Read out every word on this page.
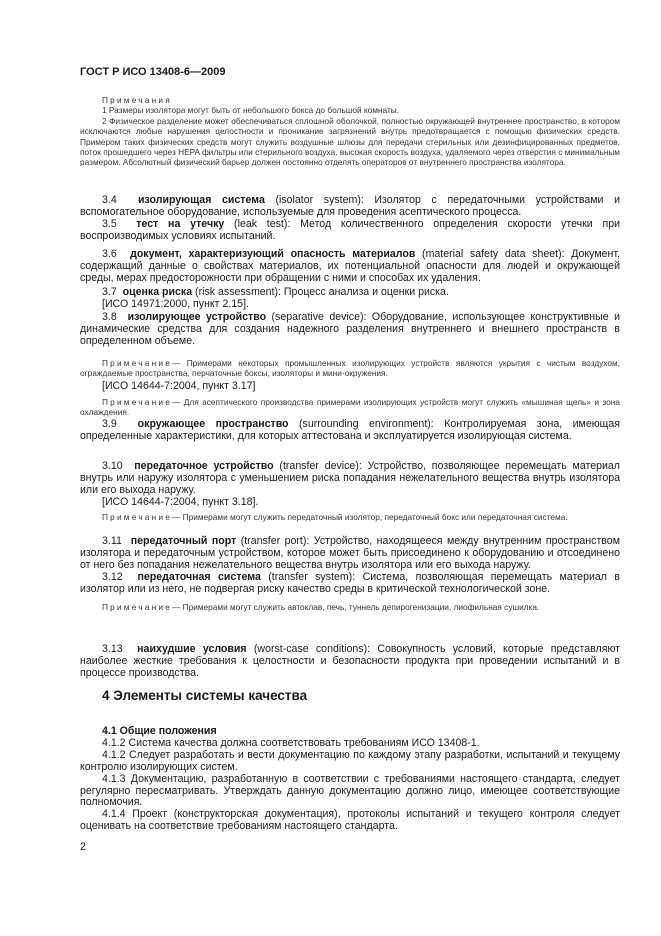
ГОСТ Р ИСО 13408-6—2009

Примечания

1 Размеры изолятора могут быть от небольшого бокса до большой комнаты.

2 Физическое разделение может обеспечиваться сплошной оболочкой, полностью окружающей внутреннее пространство, в котором исключаются любые нарушения целостности и проникание загрязнений внутрь предотвращается с помощью физических средств. Примером таких физических средств могут служить воздушные шлюзы для передачи стерильных или дезинфицированных предметов, поток прошедшего через HEPA фильтры или стерильного воздуха, высокая скорость воздуха, удаляемого через отверстия с минимальным размером. Абсолютный физический барьер должен постоянно отделять операторов от внутреннего пространства изолятора.

3.4 изолирующая система (isolator system): Изолятор с передаточными устройствами и вспомогательное оборудование, используемые для проведения асептического процесса.

3.5 тест на утечку (leak test): Метод количественного определения скорости утечки при воспроизводимых условиях испытаний.

3.6 документ, характеризующий опасность материалов (material safety data sheet): Документ, содержащий данные о свойствах материалов, их потенциальной опасности для людей и окружающей среды, мерах предосторожности при обращении с ними и способах их удаления.

3.7 оценка риска (risk assessment): Процесс анализа и оценки риска.

[ИСО 14971:2000, пункт 2.15].

3.8 изолирующее устройство (separative device): Оборудование, использующее конструктивные и динамические средства для создания надежного разделения внутреннего и внешнего пространств в определенном объеме.

Примечание— Примерами некоторых промышленных изолирующих устройств являются укрытия с чистым воздухом, ограждаемые пространства, перчаточные боксы, изоляторы и мини-окружения.

[ИСО 14644-7:2004, пункт 3.17]

Примечание— Для асептического производства примерами изолирующих устройств могут служить «мышиная щель» и зона охлаждения.

3.9 окружающее пространство (surrounding environment): Контролируемая зона, имеющая определенные характеристики, для которых аттестована и эксплуатируется изолирующая система.

3.10 передаточное устройство (transfer device): Устройство, позволяющее перемещать материал внутрь или наружу изолятора с уменьшением риска попадания нежелательного вещества внутрь изолятора или его выхода наружу.

[ИСО 14644-7:2004, пункт 3.18].

Примечание— Примерами могут служить передаточный изолятор, передаточный бокс или передаточная система.

3.11 передаточный порт (transfer port): Устройство, находящееся между внутренним пространством изолятора и передаточным устройством, которое может быть присоединено к оборудованию и отсоединено от него без попадания нежелательного вещества внутрь изолятора или его выхода наружу.

3.12 передаточная система (transfer system): Система, позволяющая перемещать материал в изолятор или из него, не подвергая риску качество среды в критической технологической зоне.

Примечание— Примерами могут служить автоклав, печь, туннель депирогенизации, лиофильная сушилка.

3.13 наихудшие условия (worst-case conditions): Совокупность условий, которые представляют наиболее жесткие требования к целостности и безопасности продукта при проведении испытаний и в процессе производства.

4 Элементы системы качества

4.1 Общие положения

4.1.2 Система качества должна соответствовать требованиям ИСО 13408-1.

4.1.2 Следует разработать и вести документацию по каждому этапу разработки, испытаний и текущему контролю изолирующих систем.

4.1.3 Документацию, разработанную в соответствии с требованиями настоящего стандарта, следует регулярно пересматривать. Утверждать данную документацию должно лицо, имеющее соответствующие полномочия.

4.1.4 Проект (конструкторская документация), протоколы испытаний и текущего контроля следует оценивать на соответствие требованиям настоящего стандарта.

2
